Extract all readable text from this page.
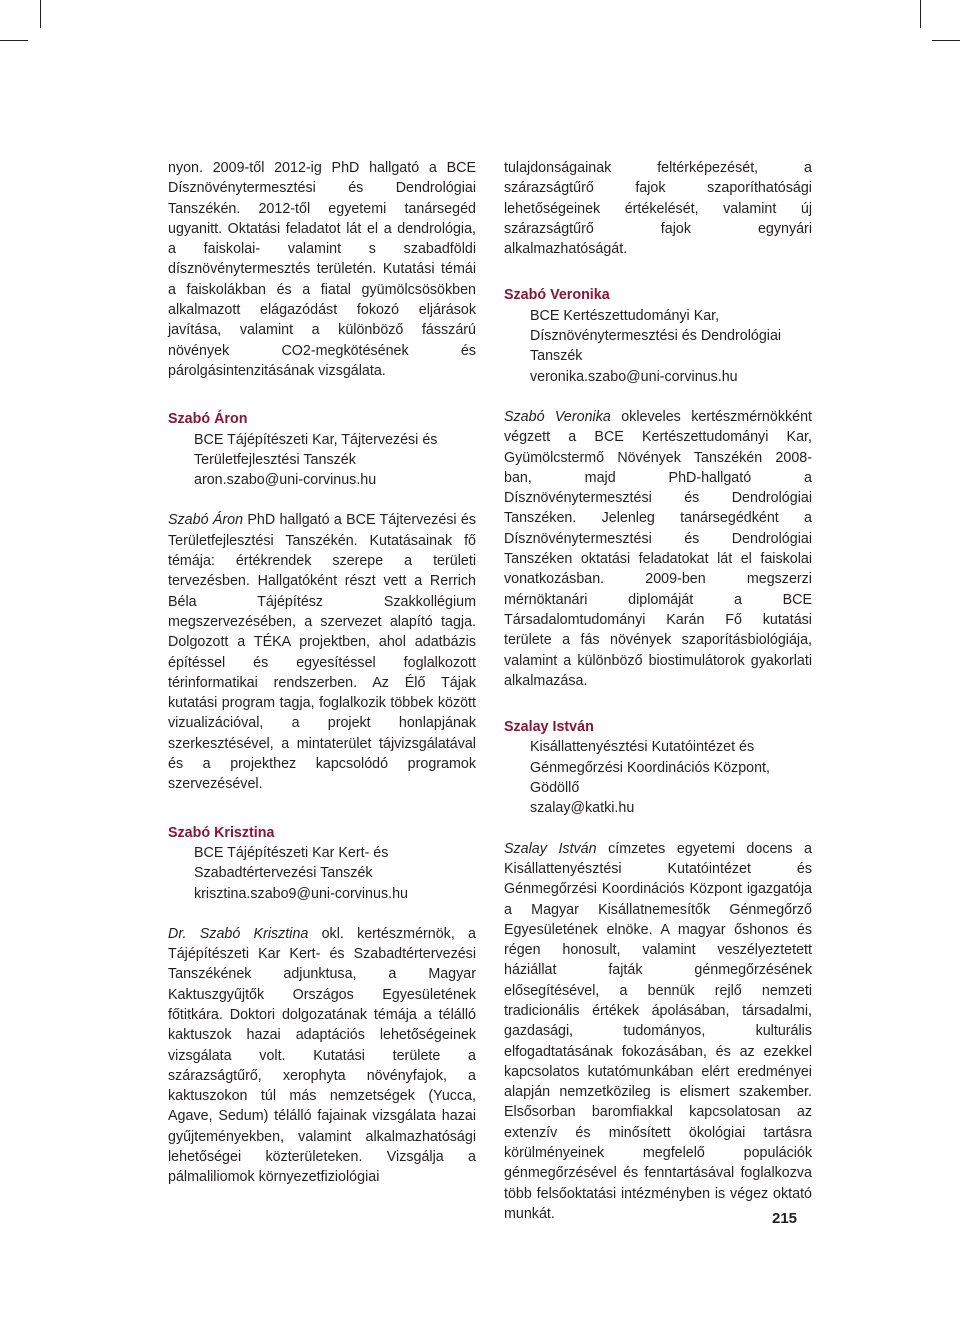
nyon. 2009-től 2012-ig PhD hallgató a BCE Dísznövénytermesztési és Dendrológiai Tanszékén. 2012-től egyetemi tanársegéd ugyanitt. Oktatási feladatot lát el a dendrológia, a faiskolai- valamint s szabadföldi dísznövénytermesztés területén. Kutatási témái a faiskolákban és a fiatal gyümölcsösökben alkalmazott elágazódást fokozó eljárások javítása, valamint a különböző fásszárú növények CO2-megkötésének és párolgásintenzitásának vizsgálata.

Szabó Áron

BCE Tájépítészeti Kar, Tájtervezési és
Területfejlesztési Tanszék
aron.szabo@uni-corvinus.hu

Szabó Áron PhD hallgató a BCE Tájtervezési és Területfejlesztési Tanszékén. Kutatásainak fő témája: értékrendek szerepe a területi tervezésben. Hallgatóként részt vett a Rerrich Béla Tájépítész Szakkollégium megszervezésében, a szervezet alapító tagja. Dolgozott a TÉKA projektben, ahol adatbázis építéssel és egyesítéssel foglalkozott térinformatikai rendszerben. Az Élő Tájak kutatási program tagja, foglalkozik többek között vizualizációval, a projekt honlapjának szerkesztésével, a mintaterület tájvizsgálatával és a projekthez kapcsolódó programok szervezésével.

Szabó Krisztina

BCE Tájépítészeti Kar Kert- és
Szabadtértervezési Tanszék
krisztina.szabo9@uni-corvinus.hu

Dr. Szabó Krisztina okl. kertészmérnök, a Tájépítészeti Kar Kert- és Szabadtértervezési Tanszékének adjunktusa, a Magyar Kaktuszgyűjtők Országos Egyesületének főtitkára. Doktori dolgozatának témája a télálló kaktuszok hazai adaptációs lehetőségeinek vizsgálata volt. Kutatási területe a szárazságtűrő, xerophyta növényfajok, a kaktuszokon túl más nemzetségek (Yucca, Agave, Sedum) télálló fajainak vizsgálata hazai gyűjteményekben, valamint alkalmazhatósági lehetőségei közterületeken. Vizsgálja a pálmaliliomok környezetfiziológiai

tulajdonságainak feltérképezését, a szárazságtűrő fajok szaporíthatósági lehetőségeinek értékelését, valamint új szárazságtűrő fajok egynyári alkalmazhatóságát.

Szabó Veronika

BCE Kertészettudományi Kar,
Dísznövénytermesztési és Dendrológiai
Tanszék
veronika.szabo@uni-corvinus.hu

Szabó Veronika okleveles kertészmérnökként végzett a BCE Kertészettudományi Kar, Gyümölcstermő Növények Tanszékén 2008-ban, majd PhD-hallgató a Dísznövénytermesztési és Dendrológiai Tanszéken. Jelenleg tanársegédként a Dísznövénytermesztési és Dendrológiai Tanszéken oktatási feladatokat lát el faiskolai vonatkozásban. 2009-ben megszerzi mérnöktanári diplomáját a BCE Társadalomtudományi Karán Fő kutatási területe a fás növények szaporításbiológiája, valamint a különböző biostimulátorok gyakorlati alkalmazása.

Szalay István

Kisállattenyésztési Kutatóintézet és
Génmegőrzési Koordinációs Központ,
Gödöllő
szalay@katki.hu

Szalay István címzetes egyetemi docens a Kisállattenyésztési Kutatóintézet és Génmegőrzési Koordinációs Központ igazgatója a Magyar Kisállatnemesítők Génmegőrző Egyesületének elnöke. A magyar őshonos és régen honosult, valamint veszélyeztetett háziállat fajták génmegőrzésének elősegítésével, a bennük rejlő nemzeti tradicionális értékek ápolásában, társadalmi, gazdasági, tudományos, kulturális elfogadtatásának fokozásában, és az ezekkel kapcsolatos kutatómunkában elért eredményei alapján nemzetközileg is elismert szakember. Elsősorban baromfiakkal kapcsolatosan az extenzív és minősített ökológiai tartásra körülményeinek megfelelő populációk génmegőrzésével és fenntartásával foglalkozva több felsőoktatási intézményben is végez oktató munkát.	215
